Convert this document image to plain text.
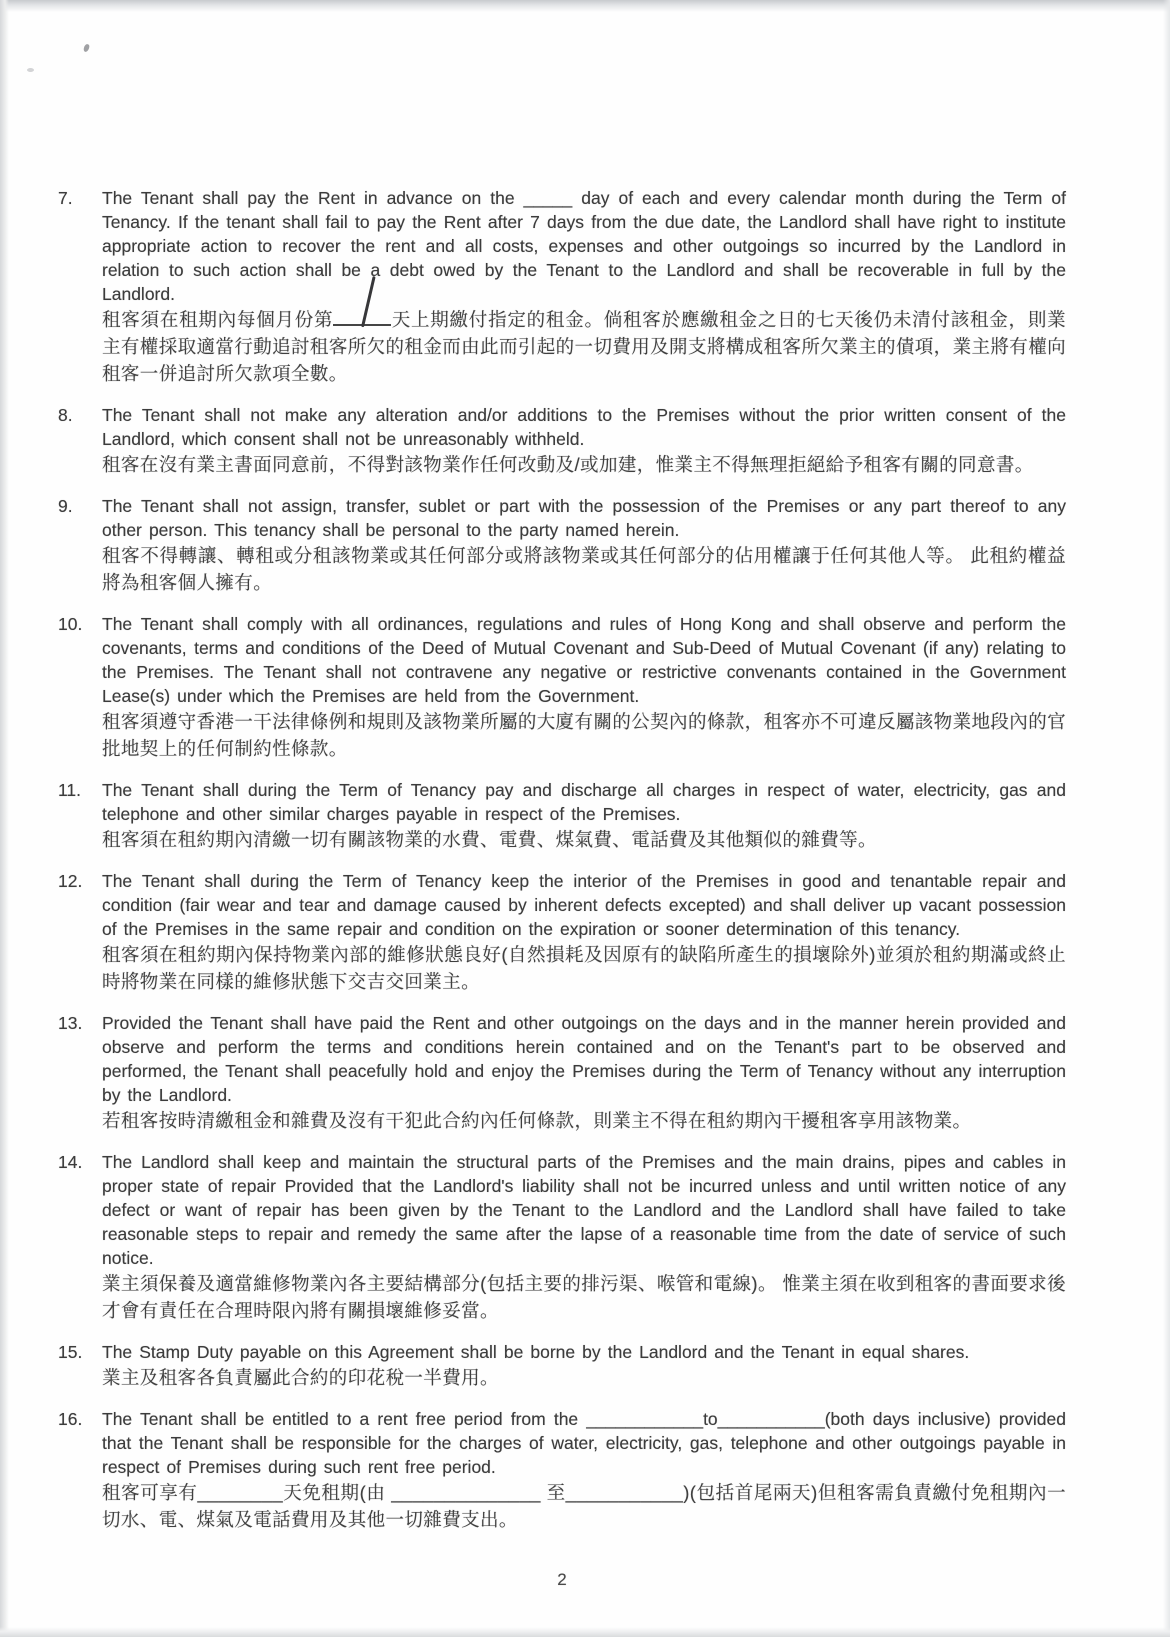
7.	The Tenant shall pay the Rent in advance on the _____ day of each and every calendar month during the Term of Tenancy. If the tenant shall fail to pay the Rent after 7 days from the due date, the Landlord shall have right to institute appropriate action to recover the rent and all costs, expenses and other outgoings so incurred by the Landlord in relation to such action shall be a debt owed by the Tenant to the Landlord and shall be recoverable in full by the Landlord.

租客須在租期內每個月份第	天上期繳付指定的租金。倘租客於應繳租金之日的七天後仍未清付該租金，則業主有權採取適當行動追討租客所欠的租金而由此而引起的一切費用及開支將構成租客所欠業主的債項，業主將有權向租客一併追討所欠款項全數。

8.	The Tenant shall not make any alteration and/or additions to the Premises without the prior written consent of the Landlord, which consent shall not be unreasonably withheld.

租客在沒有業主書面同意前，不得對該物業作任何改動及/或加建，惟業主不得無理拒絕給予租客有關的同意書。

9.	The Tenant shall not assign, transfer, sublet or part with the possession of the Premises or any part thereof to any other person. This tenancy shall be personal to the party named herein.

租客不得轉讓、轉租或分租該物業或其任何部分或將該物業或其任何部分的佔用權讓于任何其他人等。 此租約權益將為租客個人擁有。

10.	The Tenant shall comply with all ordinances, regulations and rules of Hong Kong and shall observe and perform the covenants, terms and conditions of the Deed of Mutual Covenant and Sub-Deed of Mutual Covenant (if any) relating to the Premises. The Tenant shall not contravene any negative or restrictive convenants contained in the Government Lease(s) under which the Premises are held from the Government.

租客須遵守香港一干法律條例和規則及該物業所屬的大廈有關的公契內的條款，租客亦不可違反屬該物業地段內的官批地契上的任何制約性條款。

11.	The Tenant shall during the Term of Tenancy pay and discharge all charges in respect of water, electricity, gas and telephone and other similar charges payable in respect of the Premises.

租客須在租約期內清繳一切有關該物業的水費、電費、煤氣費、電話費及其他類似的雜費等。

12.	The Tenant shall during the Term of Tenancy keep the interior of the Premises in good and tenantable repair and condition (fair wear and tear and damage caused by inherent defects excepted) and shall deliver up vacant possession of the Premises in the same repair and condition on the expiration or sooner determination of this tenancy.

租客須在租約期內保持物業內部的維修狀態良好(自然損耗及因原有的缺陷所產生的損壞除外)並須於租約期滿或終止時將物業在同樣的維修狀態下交吉交回業主。

13.	Provided the Tenant shall have paid the Rent and other outgoings on the days and in the manner herein provided and observe and perform the terms and conditions herein contained and on the Tenant's part to be observed and performed, the Tenant shall peacefully hold and enjoy the Premises during the Term of Tenancy without any interruption by the Landlord.

若租客按時清繳租金和雜費及沒有干犯此合約內任何條款，則業主不得在租約期內干擾租客享用該物業。

14.	The Landlord shall keep and maintain the structural parts of the Premises and the main drains, pipes and cables in proper state of repair Provided that the Landlord's liability shall not be incurred unless and until written notice of any defect or want of repair has been given by the Tenant to the Landlord and the Landlord shall have failed to take reasonable steps to repair and remedy the same after the lapse of a reasonable time from the date of service of such notice.

業主須保養及適當維修物業內各主要結構部分(包括主要的排污渠、喉管和電線)。 惟業主須在收到租客的書面要求後才會有責任在合理時限內將有關損壞維修妥當。

15.	The Stamp Duty payable on this Agreement shall be borne by the Landlord and the Tenant in equal shares.

業主及租客各負責屬此合約的印花稅一半費用。

16.	The Tenant shall be entitled to a rent free period from the ____________to___________(both days inclusive) provided that the Tenant shall be responsible for the charges of water, electricity, gas, telephone and other outgoings payable in respect of Premises during such rent free period.

租客可享有________天免租期(由 ______________ 至___________)(包括首尾兩天)但租客需負責繳付免租期內一切水、電、煤氣及電話費用及其他一切雜費支出。

2
